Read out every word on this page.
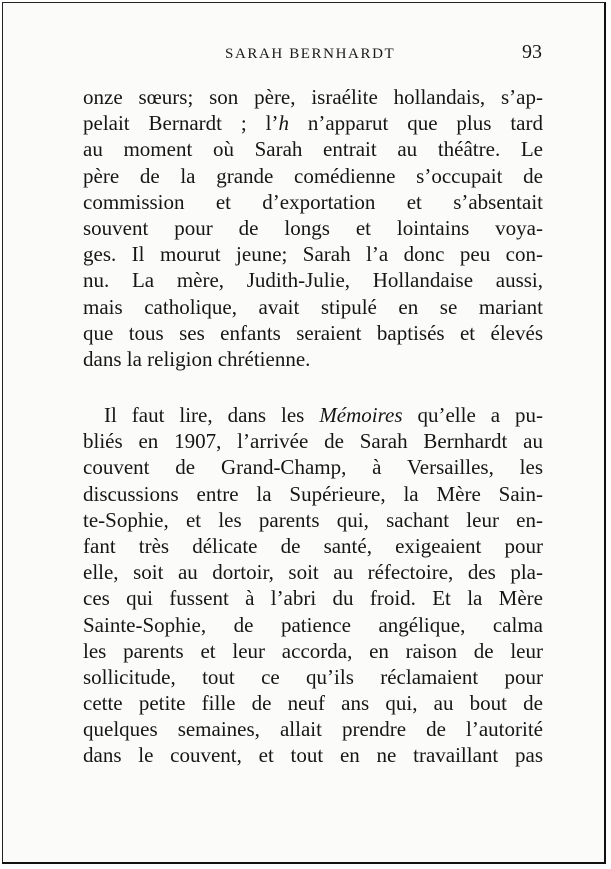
SARAH BERNHARDT	93
onze sœurs; son père, israélite hollandais, s’ap-
pelait Bernardt ; l’h n’apparut que plus tard
au moment où Sarah entrait au théâtre. Le
père de la grande comédienne s’occupait de
commission et d’exportation et s’absentait
souvent pour de longs et lointains voya-
ges. Il mourut jeune; Sarah l’a donc peu con-
nu. La mère, Judith-Julie, Hollandaise aussi,
mais catholique, avait stipulé en se mariant
que tous ses enfants seraient baptisés et élevés
dans la religion chrétienne.
Il faut lire, dans les Mémoires qu’elle a pu-
bliés en 1907, l’arrivée de Sarah Bernhardt au
couvent de Grand-Champ, à Versailles, les
discussions entre la Supérieure, la Mère Sain-
te-Sophie, et les parents qui, sachant leur en-
fant très délicate de santé, exigeaient pour
elle, soit au dortoir, soit au réfectoire, des pla-
ces qui fussent à l’abri du froid. Et la Mère
Sainte-Sophie, de patience angélique, calma
les parents et leur accorda, en raison de leur
sollicitude, tout ce qu’ils réclamaient pour
cette petite fille de neuf ans qui, au bout de
quelques semaines, allait prendre de l’autorité
dans le couvent, et tout en ne travaillant pas
